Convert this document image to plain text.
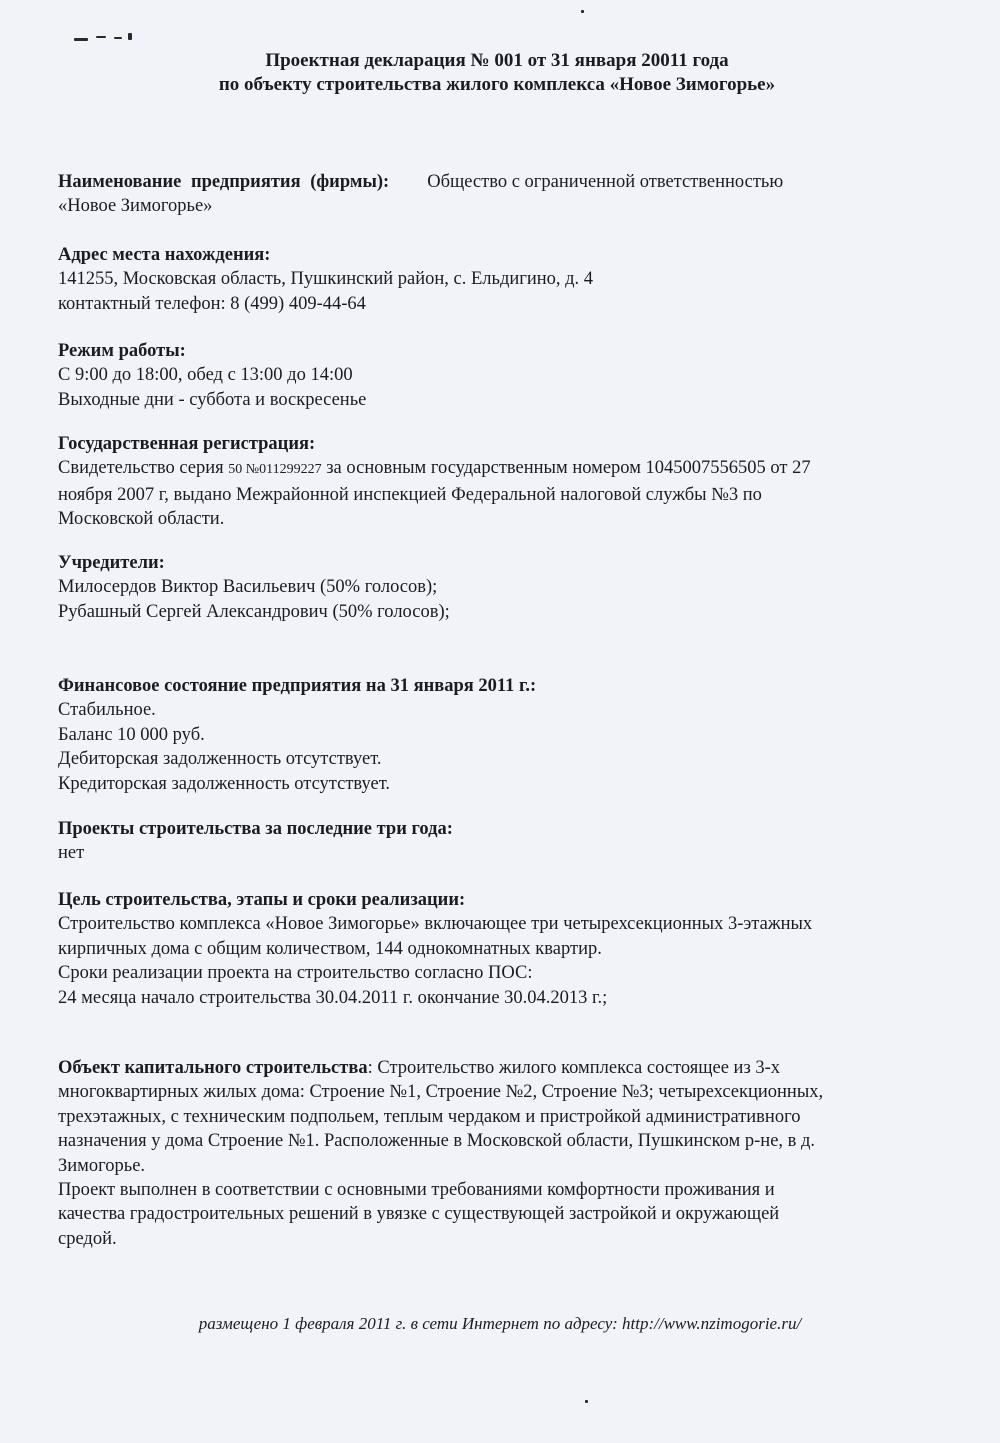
Проектная декларация № 001 от 31 января 20011 года
по объекту строительства жилого комплекса «Новое Зимогорье»
Наименование предприятия (фирмы): Общество с ограниченной ответственностью
«Новое Зимогорье»
Адрес места нахождения:
141255, Московская область, Пушкинский район, с. Ельдигино, д. 4
контактный телефон: 8 (499) 409-44-64
Режим работы:
С 9:00 до 18:00, обед с 13:00 до 14:00
Выходные дни - суббота и воскресенье
Государственная регистрация:
Свидетельство серия 50 №011299227 за основным государственным номером 1045007556505 от 27
ноября 2007 г, выдано Межрайонной инспекцией Федеральной налоговой службы №3 по
Московской области.
Учредители:
Милосердов Виктор Васильевич (50% голосов);
Рубашный Сергей Александрович (50% голосов);
Финансовое состояние предприятия на 31 января 2011 г.:
Стабильное.
Баланс 10 000 руб.
Дебиторская задолженность отсутствует.
Кредиторская задолженность отсутствует.
Проекты строительства за последние три года:
нет
Цель строительства, этапы и сроки реализации:
Строительство комплекса «Новое Зимогорье» включающее три четырехсекционных 3-этажных
кирпичных дома с общим количеством, 144 однокомнатных квартир.
Сроки реализации проекта на строительство согласно ПОС:
24 месяца начало строительства 30.04.2011 г. окончание 30.04.2013 г.;
Объект капитального строительства: Строительство жилого комплекса состоящее из 3-х
многоквартирных жилых дома: Строение №1, Строение №2, Строение №3; четырехсекционных,
трехэтажных, с техническим подпольем, теплым чердаком и пристройкой административного
назначения у дома Строение №1. Расположенные в Московской области, Пушкинском р-не, в д.
Зимогорье.
Проект выполнен в соответствии с основными требованиями комфортности проживания и
качества градостроительных решений в увязке с существующей застройкой и окружающей
средой.
размещено 1 февраля 2011 г. в сети Интернет по адресу: http://www.nzimogorie.ru/
